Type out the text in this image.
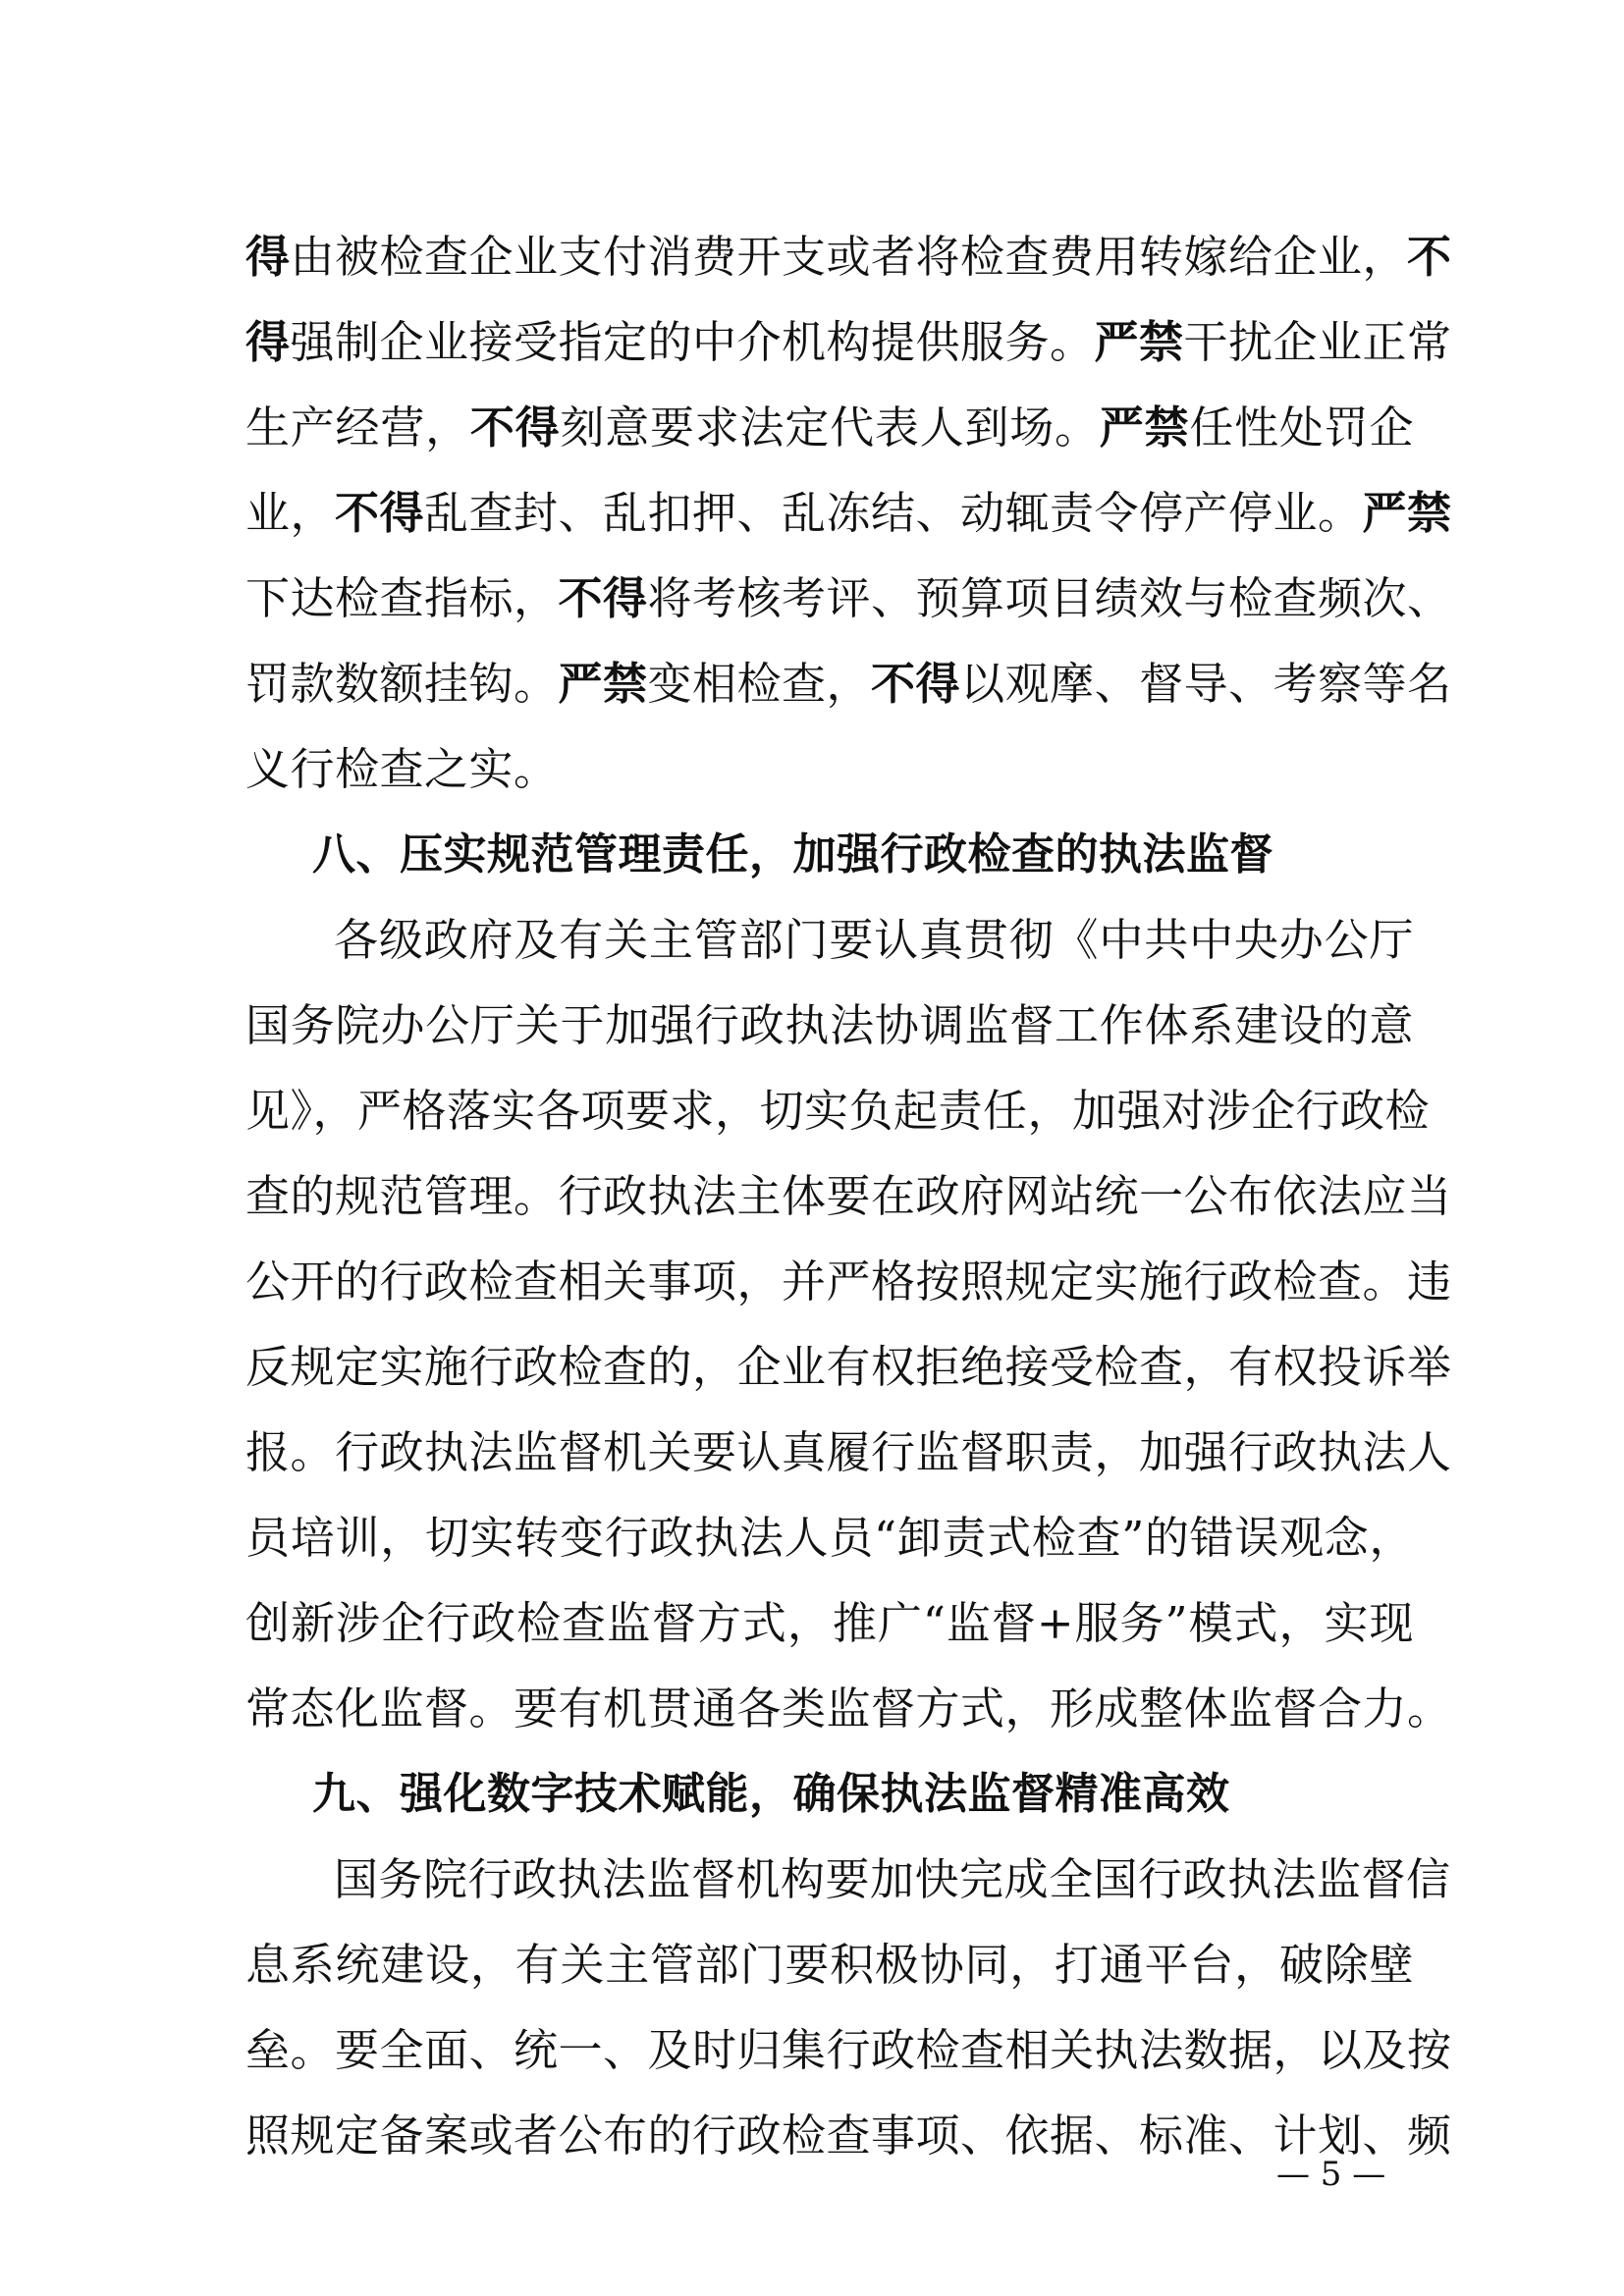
得由被检查企业支付消费开支或者将检查费用转嫁给企业，不
得强制企业接受指定的中介机构提供服务。严禁干扰企业正常
生产经营，不得刻意要求法定代表人到场。严禁任性处罚企
业，不得乱查封、乱扣押、乱冻结、动辄责令停产停业。严禁
下达检查指标，不得将考核考评、预算项目绩效与检查频次、
罚款数额挂钩。严禁变相检查，不得以观摩、督导、考察等名
义行检查之实。
八、压实规范管理责任，加强行政检查的执法监督
各级政府及有关主管部门要认真贯彻《中共中央办公厅
国务院办公厅关于加强行政执法协调监督工作体系建设的意
见》，严格落实各项要求，切实负起责任，加强对涉企行政检
查的规范管理。行政执法主体要在政府网站统一公布依法应当
公开的行政检查相关事项，并严格按照规定实施行政检查。违
反规定实施行政检查的，企业有权拒绝接受检查，有权投诉举
报。行政执法监督机关要认真履行监督职责，加强行政执法人
员培训，切实转变行政执法人员“卸责式检查”的错误观念，
创新涉企行政检查监督方式，推广“监督+服务”模式，实现
常态化监督。要有机贯通各类监督方式，形成整体监督合力。
九、强化数字技术赋能，确保执法监督精准高效
国务院行政执法监督机构要加快完成全国行政执法监督信
息系统建设，有关主管部门要积极协同，打通平台，破除壁
垒。要全面、统一、及时归集行政检查相关执法数据，以及按
照规定备案或者公布的行政检查事项、依据、标准、计划、频
— 5 —
